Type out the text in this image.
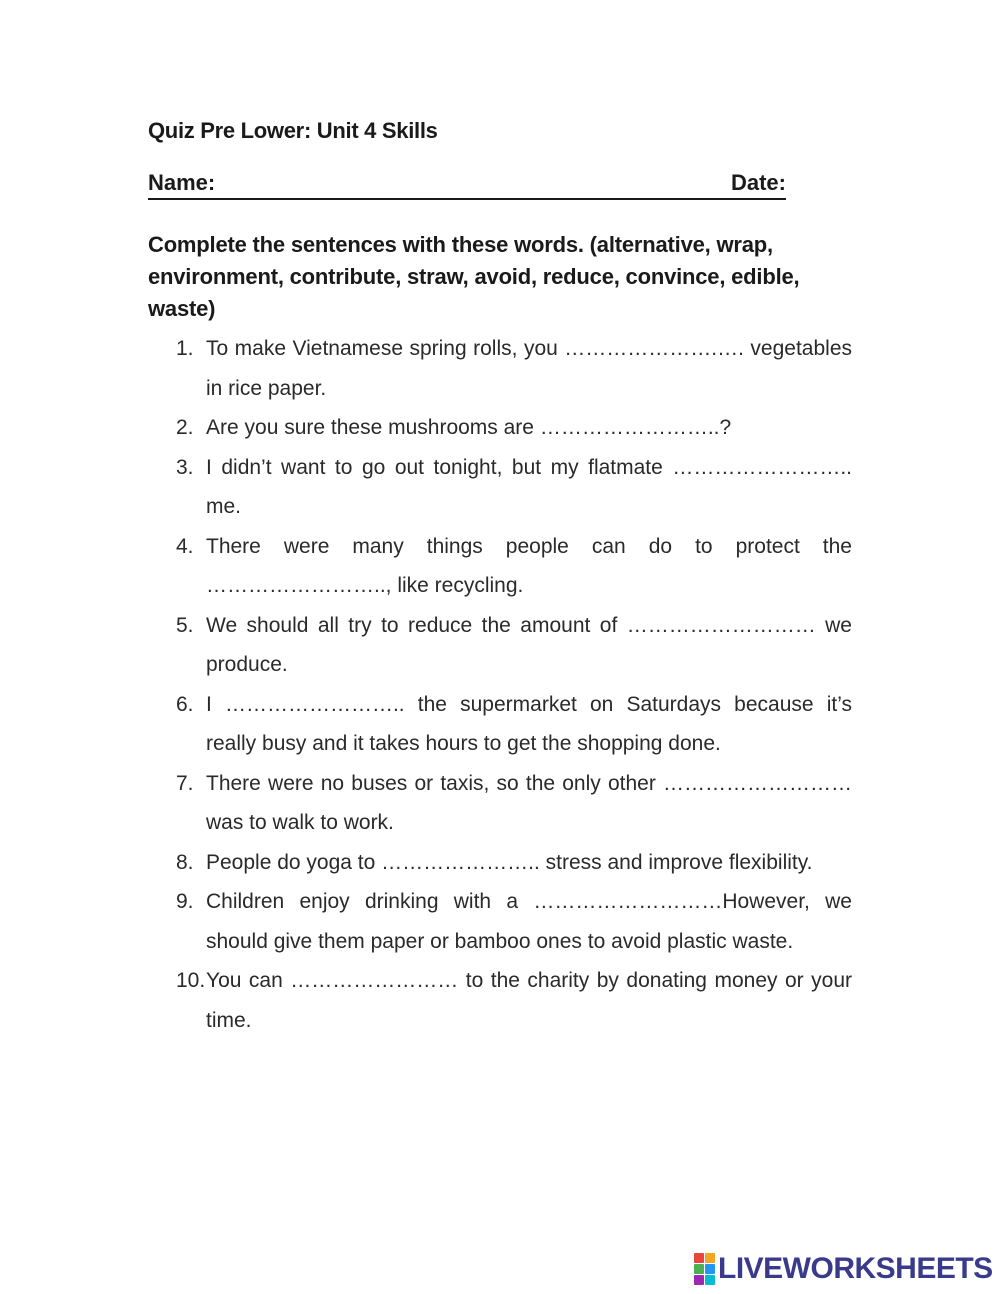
Quiz Pre Lower: Unit 4 Skills
Name:	Date:
Complete the sentences with these words. (alternative, wrap, environment, contribute, straw, avoid, reduce, convince, edible, waste)
1. To make Vietnamese spring rolls, you ………………….…. vegetables in rice paper.
2. Are you sure these mushrooms are ……………………..?
3. I didn’t want to go out tonight, but my flatmate …………………….. me.
4. There were many things people can do to protect the …………………….., like recycling.
5. We should all try to reduce the amount of ……………………… we produce.
6. I …………………….. the supermarket on Saturdays because it’s really busy and it takes hours to get the shopping done.
7. There were no buses or taxis, so the only other ……………………… was to walk to work.
8. People do yoga to ………………….. stress and improve flexibility.
9. Children enjoy drinking with a ………………………However, we should give them paper or bamboo ones to avoid plastic waste.
10. You can …………………… to the charity by donating money or your time.
LIVEWORKSHEETS
